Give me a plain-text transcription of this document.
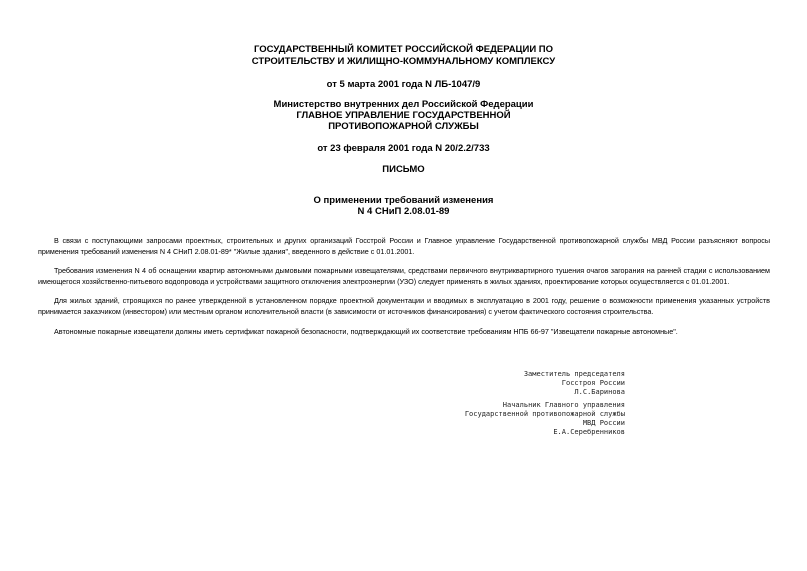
ГОСУДАРСТВЕННЫЙ КОМИТЕТ РОССИЙСКОЙ ФЕДЕРАЦИИ ПО
СТРОИТЕЛЬСТВУ И ЖИЛИЩНО-КОММУНАЛЬНОМУ КОМПЛЕКСУ
от 5 марта 2001 года N ЛБ-1047/9
Министерство внутренних дел Российской Федерации
ГЛАВНОЕ УПРАВЛЕНИЕ ГОСУДАРСТВЕННОЙ
ПРОТИВОПОЖАРНОЙ СЛУЖБЫ
от 23 февраля 2001 года N 20/2.2/733
ПИСЬМО
О применении требований изменения
N 4 СНиП 2.08.01-89
В связи с поступающими запросами проектных, строительных и других организаций Госстрой России и Главное управление Государственной противопожарной службы МВД России разъясняют вопросы применения требований изменения N 4 СНиП 2.08.01-89* "Жилые здания", введенного в действие с 01.01.2001.
Требования изменения N 4 об оснащении квартир автономными дымовыми пожарными извещателями, средствами первичного внутриквартирного тушения очагов загорания на ранней стадии с использованием имеющегося хозяйственно-питьевого водопровода и устройствами защитного отключения электроэнергии (УЗО) следует применять в жилых зданиях, проектирование которых осуществляется с 01.01.2001.
Для жилых зданий, строящихся по ранее утвержденной в установленном порядке проектной документации и вводимых в эксплуатацию в 2001 году, решение о возможности применения указанных устройств принимается заказчиком (инвестором) или местным органом исполнительной власти (в зависимости от источников финансирования) с учетом фактического состояния строительства.
Автономные пожарные извещатели должны иметь сертификат пожарной безопасности, подтверждающий их соответствие требованиям НПБ 66-97 "Извещатели пожарные автономные".
Заместитель председателя
Госстроя России
Л.С.Баринова
Начальник Главного управления
Государственной противопожарной службы
МВД России
Е.А.Серебренников
